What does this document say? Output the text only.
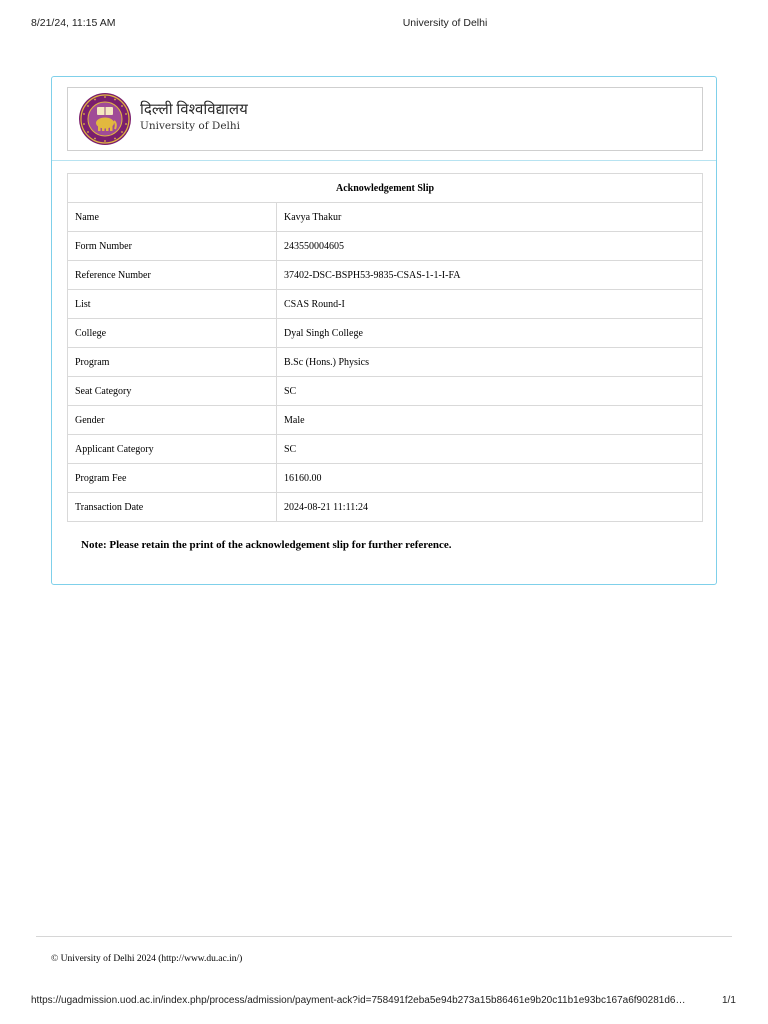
8/21/24, 11:15 AM	University of Delhi
दिल्ली विश्वविद्यालय
University of Delhi
Acknowledgement Slip	
Name	Kavya Thakur
Form Number	243550004605
Reference Number	37402-DSC-BSPH53-9835-CSAS-1-1-I-FA
List	CSAS Round-I
College	Dyal Singh College
Program	B.Sc (Hons.) Physics
Seat Category	SC
Gender	Male
Applicant Category	SC
Program Fee	16160.00
Transaction Date	2024-08-21 11:11:24
Note: Please retain the print of the acknowledgement slip for further reference.
© University of Delhi 2024 (http://www.du.ac.in/)
https://ugadmission.uod.ac.in/index.php/process/admission/payment-ack?id=758491f2eba5e94b273a15b86461e9b20c11b1e93bc167a6f90281d6…	1/1
